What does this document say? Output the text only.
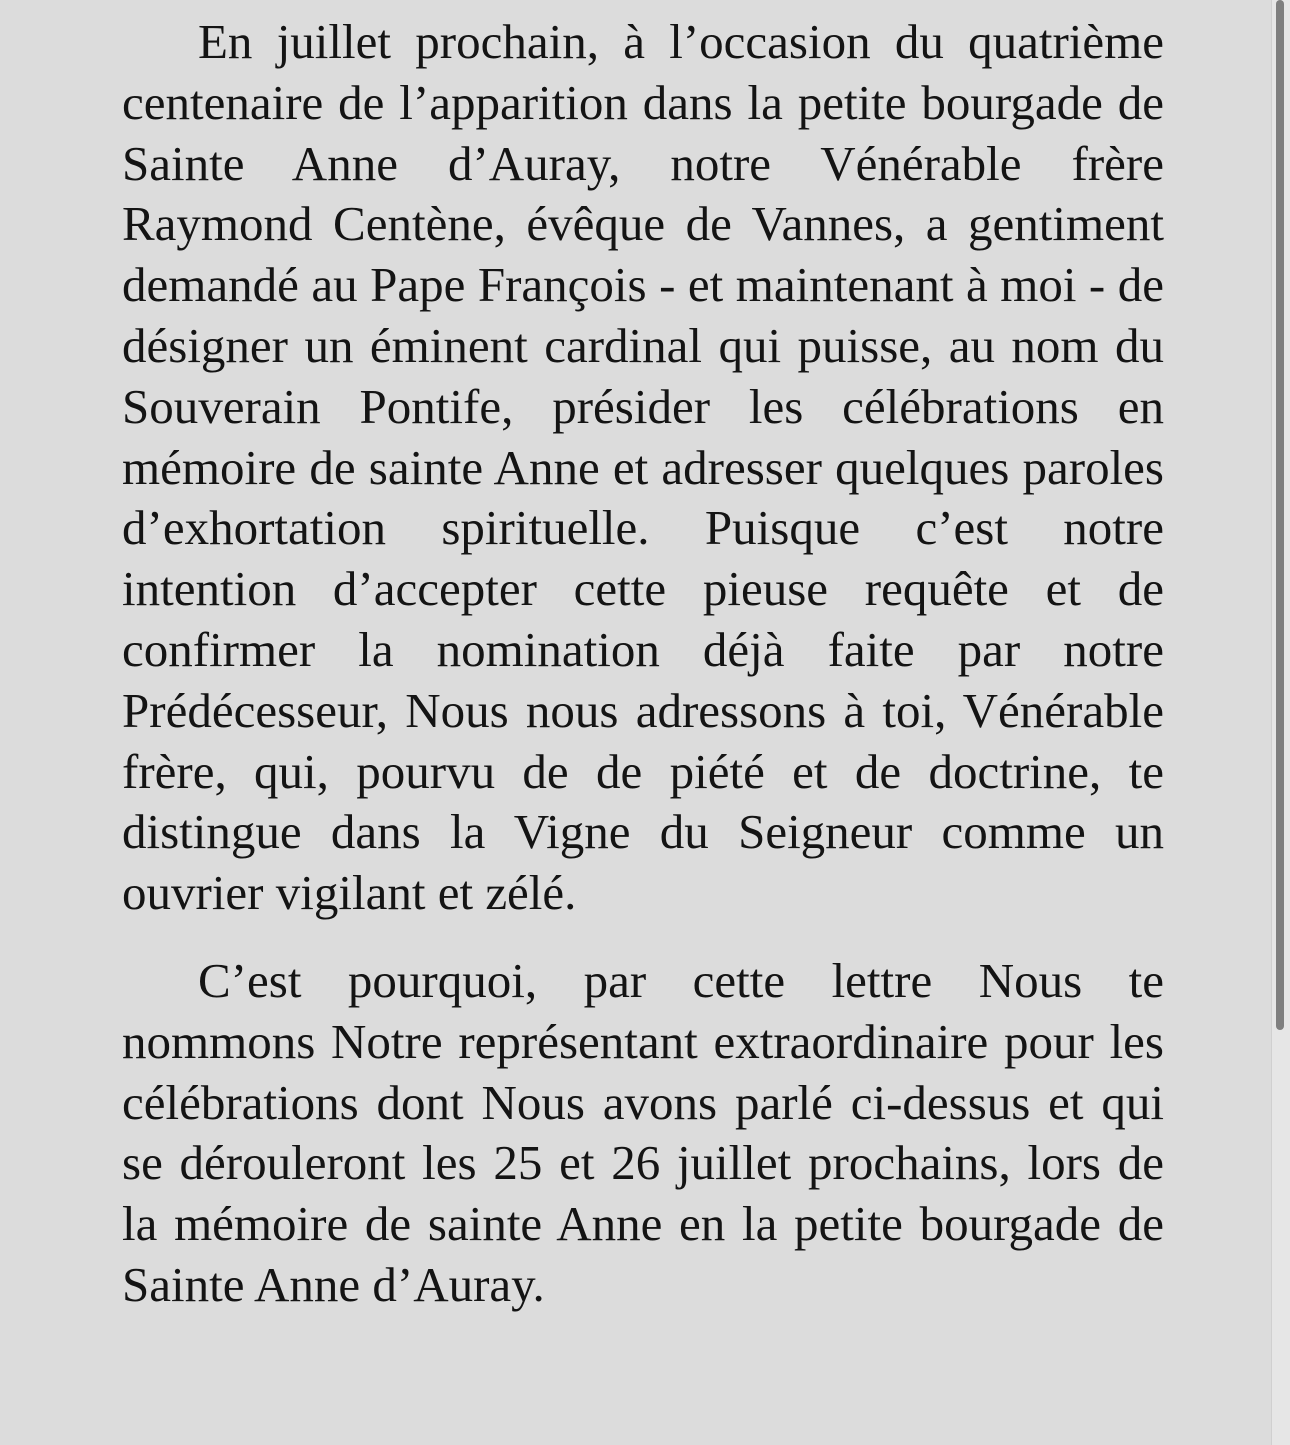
En juillet prochain, à l’occasion du quatrième centenaire de l’apparition dans la petite bourgade de Sainte Anne d’Auray, notre Vénérable frère Raymond Centène, évêque de Vannes, a gentiment demandé au Pape François - et maintenant à moi - de désigner un éminent cardinal qui puisse, au nom du Souverain Pontife, présider les célébrations en mémoire de sainte Anne et adresser quelques paroles d’exhortation spirituelle. Puisque c’est notre intention d’accepter cette pieuse requête et de confirmer la nomination déjà faite par notre Prédécesseur, Nous nous adressons à toi, Vénérable frère, qui, pourvu de de piété et de doctrine, te distingue dans la Vigne du Seigneur comme un ouvrier vigilant et zélé.

C’est pourquoi, par cette lettre Nous te nommons Notre représentant extraordinaire pour les célébrations dont Nous avons parlé ci-dessus et qui se dérouleront les 25 et 26 juillet prochains, lors de la mémoire de sainte Anne en la petite bourgade de Sainte Anne d’Auray.
